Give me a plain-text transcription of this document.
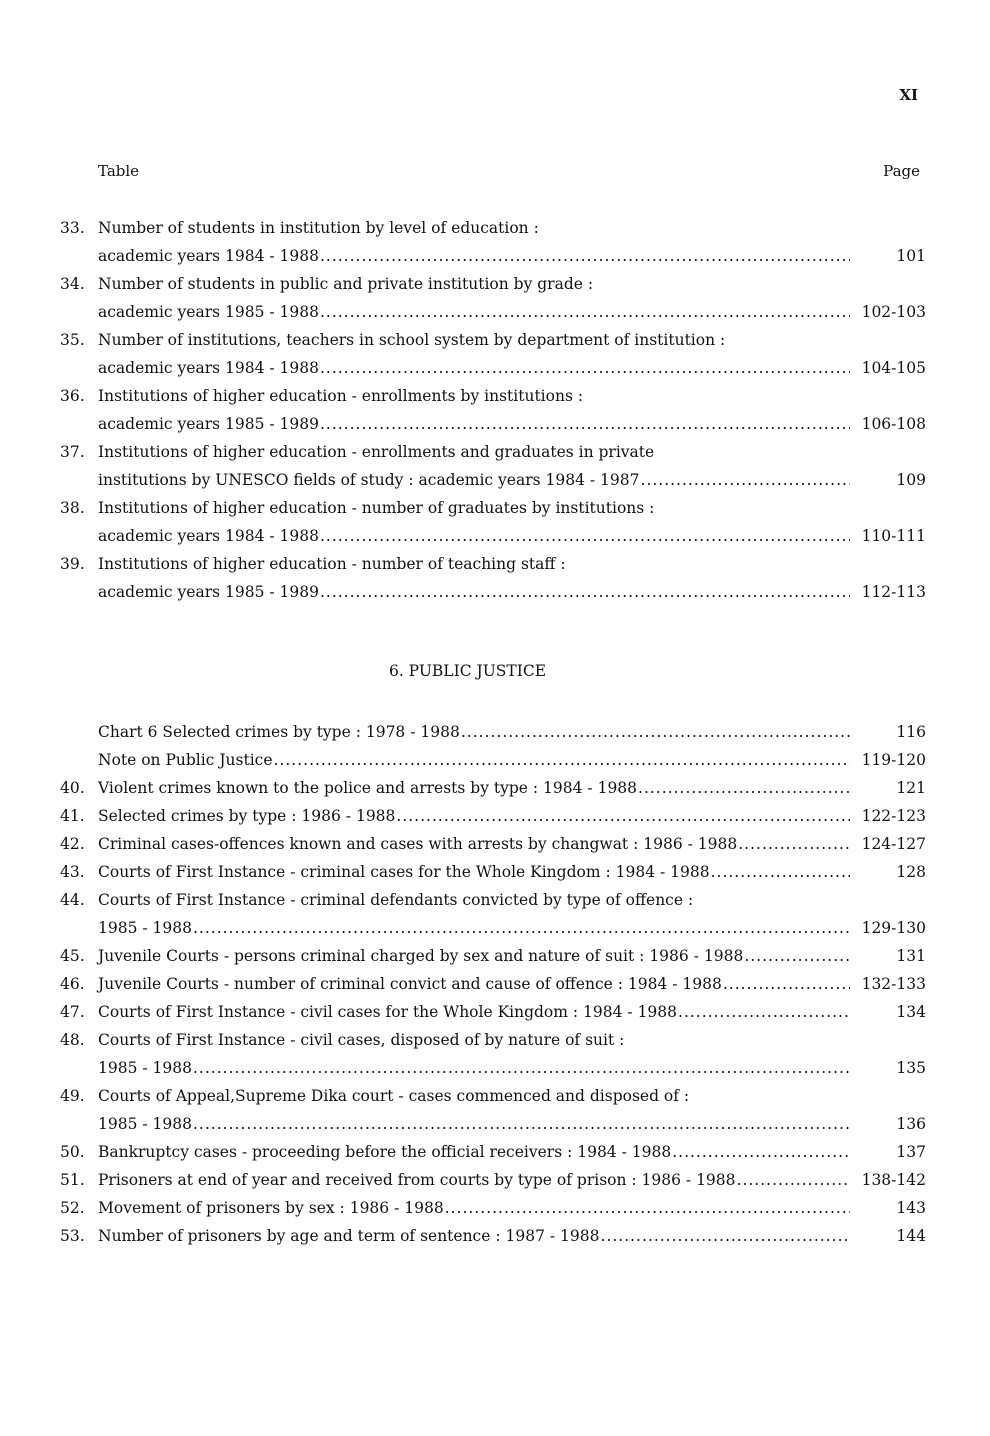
XI
Table	Page
33. Number of students in institution by level of education :
academic years 1984 - 1988 .....	101
34. Number of students in public and private institution by grade :
academic years 1985 - 1988 .....	102-103
35. Number of institutions, teachers in school system by department of institution :
academic years 1984 - 1988 .....	104-105
36. Institutions of higher education - enrollments by institutions :
academic years 1985 - 1989 .....	106-108
37. Institutions of higher education - enrollments and graduates in private
institutions by UNESCO fields of study : academic years 1984 - 1987 .....	109
38. Institutions of higher education - number of graduates by institutions :
academic years 1984 - 1988 .....	110-111
39. Institutions of higher education - number of teaching staff :
academic years 1985 - 1989 .....	112-113
6. PUBLIC JUSTICE
Chart 6 Selected crimes by type : 1978 - 1988 .....	116
Note on Public Justice .....	119-120
40. Violent crimes known to the police and arrests by type : 1984 - 1988 .....	121
41. Selected crimes by type : 1986 - 1988 .....	122-123
42. Criminal cases-offences known and cases with arrests by changwat : 1986 - 1988 .....	124-127
43. Courts of First Instance - criminal cases for the Whole Kingdom : 1984 - 1988 .....	128
44. Courts of First Instance - criminal defendants convicted by type of offence :
1985 - 1988 .....	129-130
45. Juvenile Courts - persons criminal charged by sex and nature of suit : 1986 - 1988 .....	131
46. Juvenile Courts - number of criminal convict and cause of offence : 1984 - 1988 .....	132-133
47. Courts of First Instance - civil cases for the Whole Kingdom : 1984 - 1988 .....	134
48. Courts of First Instance - civil cases, disposed of by nature of suit :
1985 - 1988 .....	135
49. Courts of Appeal,Supreme Dika court - cases commenced and disposed of :
1985 - 1988 .....	136
50. Bankruptcy cases - proceeding before the official receivers : 1984 - 1988 .....	137
51. Prisoners at end of year and received from courts by type of prison : 1986 - 1988 .....	138-142
52. Movement of prisoners by sex : 1986 - 1988 .....	143
53. Number of prisoners by age and term of sentence : 1987 - 1988 .....	144
